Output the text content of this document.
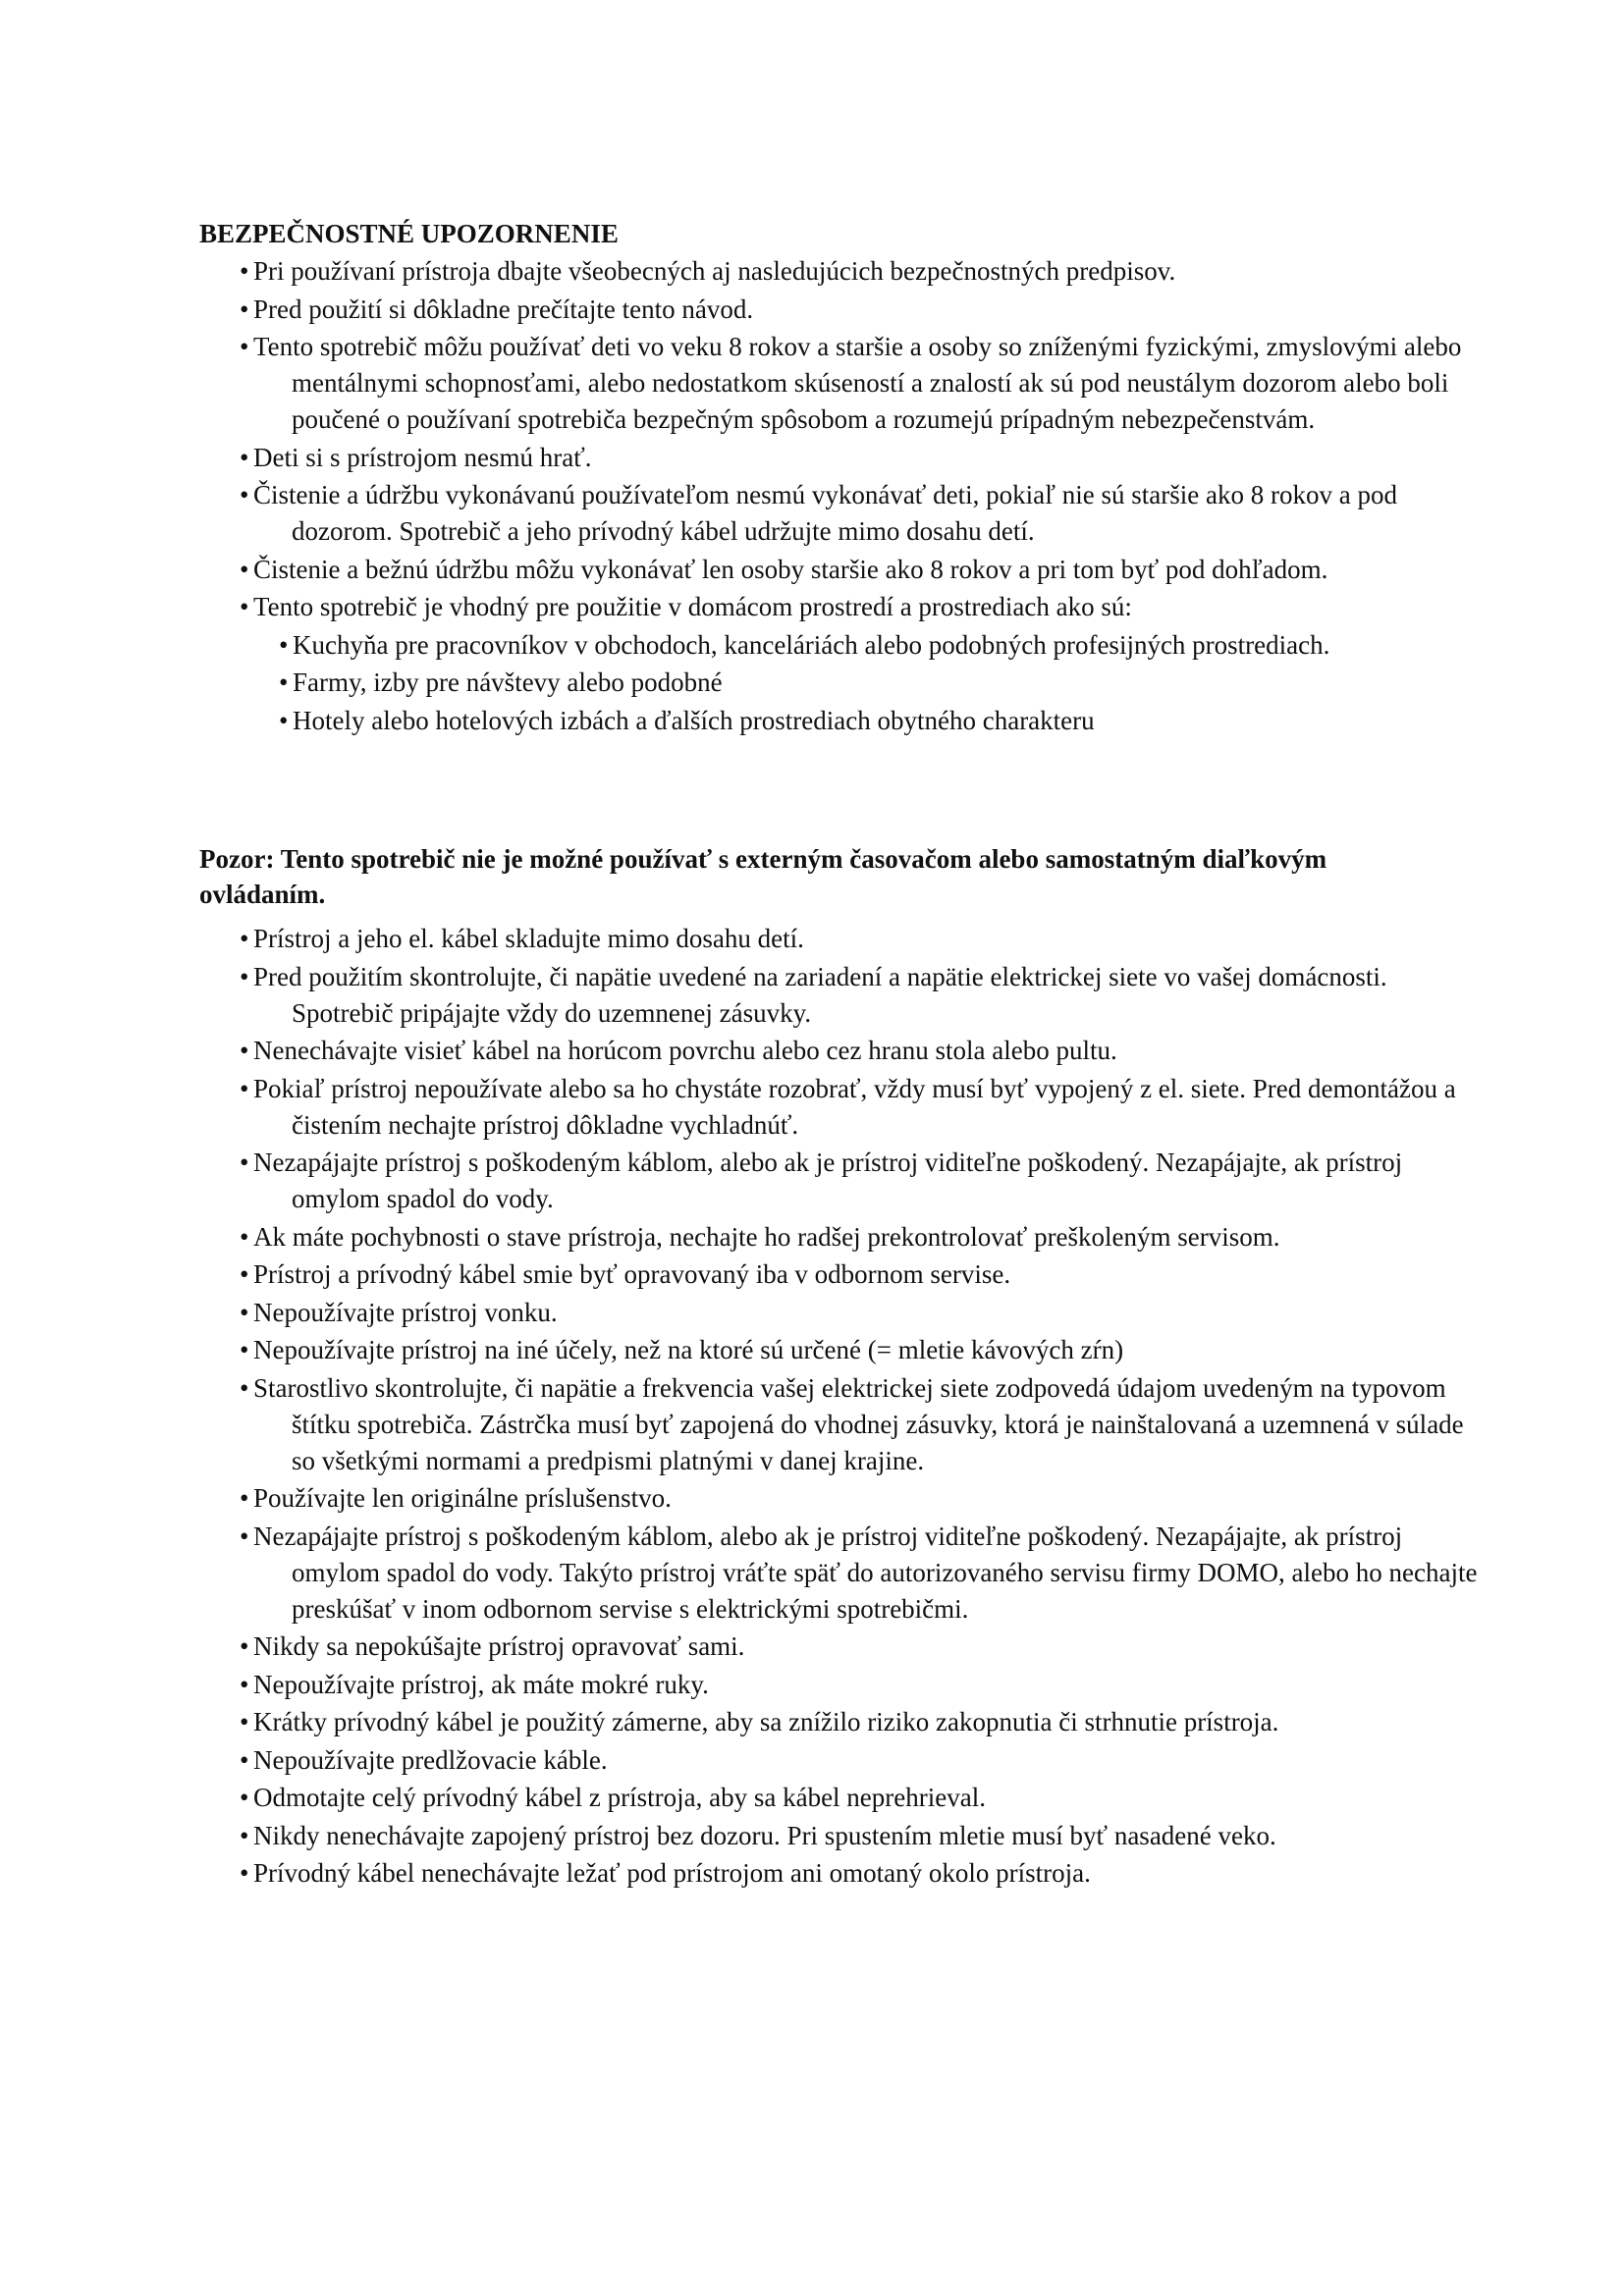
BEZPEČNOSTNÉ UPOZORNENIE
• Pri používaní prístroja dbajte všeobecných aj nasledujúcich bezpečnostných predpisov.
• Pred použití si dôkladne prečítajte tento návod.
• Tento spotrebič môžu používať deti vo veku 8 rokov a staršie a osoby so zníženými fyzickými, zmyslovými alebo mentálnymi schopnosťami, alebo nedostatkom skúseností a znalostí ak sú pod neustálym dozorom alebo boli poučené o používaní spotrebiča bezpečným spôsobom a rozumejú prípadným nebezpečenstvám.
• Deti si s prístrojom nesmú hrať.
• Čistenie a údržbu vykonávanú používateľom nesmú vykonávať deti, pokiaľ nie sú staršie ako 8 rokov a pod dozorom. Spotrebič a jeho prívodný kábel udržujte mimo dosahu detí.
• Čistenie a bežnú údržbu môžu vykonávať len osoby staršie ako 8 rokov a pri tom byť pod dohľadom.
• Tento spotrebič je vhodný pre použitie v domácom prostredí a prostrediach ako sú:
• Kuchyňa pre pracovníkov v obchodoch, kanceláriách alebo podobných profesijných prostrediach.
• Farmy, izby pre návštevy alebo podobné
• Hotely alebo hotelových izbách a ďalších prostrediach obytného charakteru

Pozor: Tento spotrebič nie je možné používať s externým časovačom alebo samostatným diaľkovým ovládaním.

• Prístroj a jeho el. kábel skladujte mimo dosahu detí.
• Pred použitím skontrolujte, či napätie uvedené na zariadení a napätie elektrickej siete vo vašej domácnosti. Spotrebič pripájajte vždy do uzemnenej zásuvky.
• Nenechávajte visieť kábel na horúcom povrchu alebo cez hranu stola alebo pultu.
• Pokiaľ prístroj nepoužívate alebo sa ho chystáte rozobrať, vždy musí byť vypojený z el. siete. Pred demontážou a čistením nechajte prístroj dôkladne vychladnúť.
• Nezapájajte prístroj s poškodeným káblom, alebo ak je prístroj viditeľne poškodený. Nezapájajte, ak prístroj omylom spadol do vody.
• Ak máte pochybnosti o stave prístroja, nechajte ho radšej prekontrolovať preškoleným servisom.
• Prístroj a prívodný kábel smie byť opravovaný iba v odbornom servise.
• Nepoužívajte prístroj vonku.
• Nepoužívajte prístroj na iné účely, než na ktoré sú určené (= mletie kávových zŕn)
• Starostlivo skontrolujte, či napätie a frekvencia vašej elektrickej siete zodpovedá údajom uvedeným na typovom štítku spotrebiča. Zástrčka musí byť zapojená do vhodnej zásuvky, ktorá je nainštalovaná a uzemnená v súlade so všetkými normami a predpismi platnými v danej krajine.
• Používajte len originálne príslušenstvo.
• Nezapájajte prístroj s poškodeným káblom, alebo ak je prístroj viditeľne poškodený. Nezapájajte, ak prístroj omylom spadol do vody. Takýto prístroj vráťte späť do autorizovaného servisu firmy DOMO, alebo ho nechajte preskúšať v inom odbornom servise s elektrickými spotrebičmi.
• Nikdy sa nepokúšajte prístroj opravovať sami.
• Nepoužívajte prístroj, ak máte mokré ruky.
• Krátky prívodný kábel je použitý zámerne, aby sa znížilo riziko zakopnutia či strhnutie prístroja.
• Nepoužívajte predlžovacie káble.
• Odmotajte celý prívodný kábel z prístroja, aby sa kábel neprehrieval.
• Nikdy nenechávajte zapojený prístroj bez dozoru. Pri spustením mletie musí byť nasadené veko.
• Prívodný kábel nenechávajte ležať pod prístrojom ani omotaný okolo prístroja.
